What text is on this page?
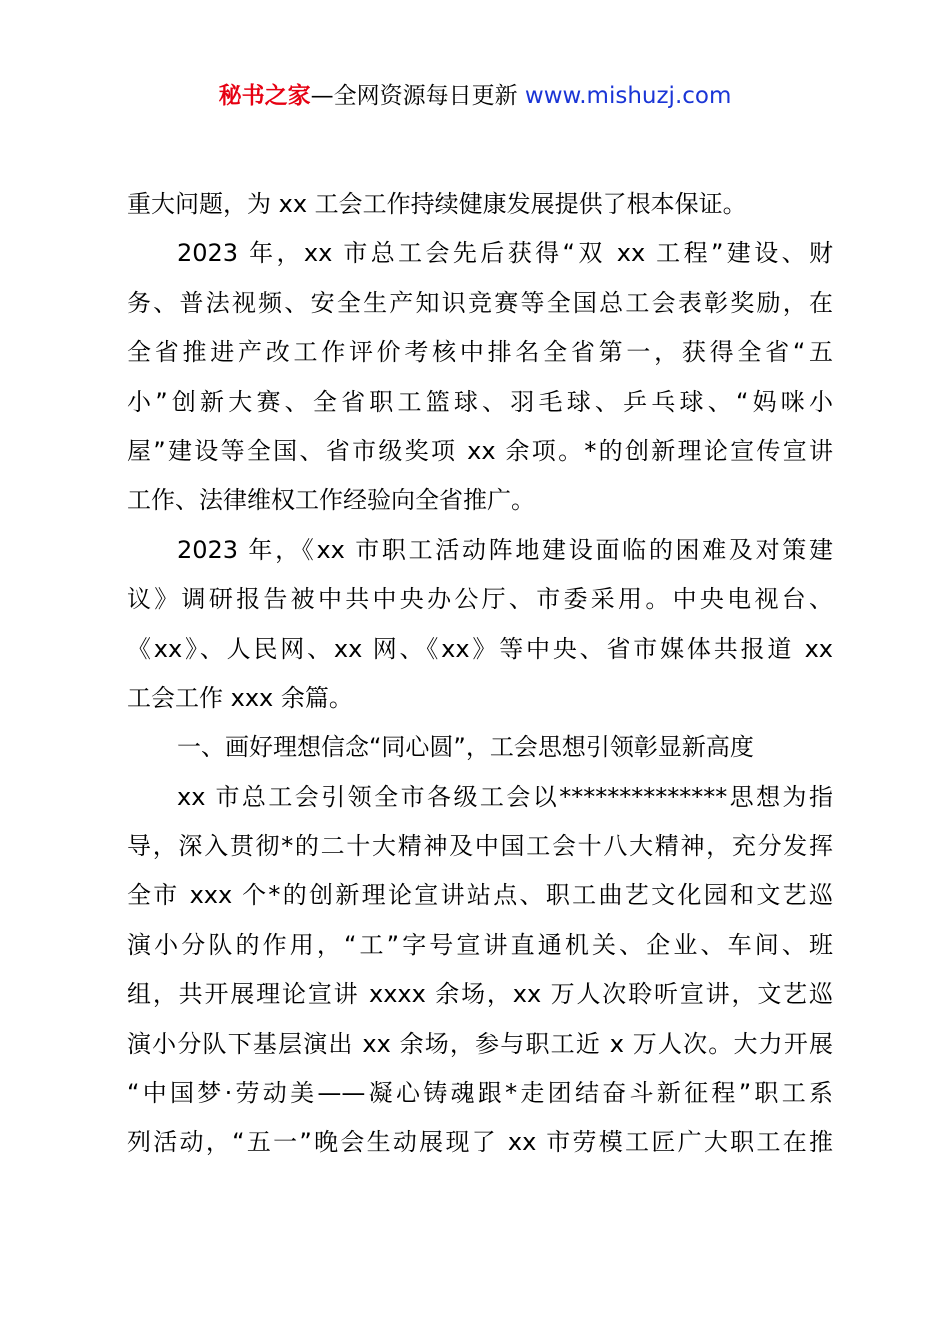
秘书之家—全网资源每日更新 www.mishuzj.com
重大问题，为 xx 工会工作持续健康发展提供了根本保证。
2023 年，xx 市总工会先后获得“双 xx 工程”建设、财
务、普法视频、安全生产知识竞赛等全国总工会表彰奖励，在
全省推进产改工作评价考核中排名全省第一，获得全省“五
小”创新大赛、全省职工篮球、羽毛球、乒乓球、“妈咪小
屋”建设等全国、省市级奖项 xx 余项。*的创新理论宣传宣讲
工作、法律维权工作经验向全省推广。
2023 年，《xx 市职工活动阵地建设面临的困难及对策建
议》调研报告被中共中央办公厅、市委采用。中央电视台、
《xx》、人民网、xx 网、《xx》等中央、省市媒体共报道 xx
工会工作 xxx 余篇。
一、画好理想信念“同心圆”，工会思想引领彰显新高度
xx 市总工会引领全市各级工会以**************思想为指
导，深入贯彻*的二十大精神及中国工会十八大精神，充分发挥
全市 xxx 个*的创新理论宣讲站点、职工曲艺文化园和文艺巡
演小分队的作用，“工”字号宣讲直通机关、企业、车间、班
组，共开展理论宣讲 xxxx 余场，xx 万人次聆听宣讲，文艺巡
演小分队下基层演出 xx 余场，参与职工近 x 万人次。大力开展
“中国梦·劳动美——凝心铸魂跟*走团结奋斗新征程”职工系
列活动，“五一”晚会生动展现了 xx 市劳模工匠广大职工在推
